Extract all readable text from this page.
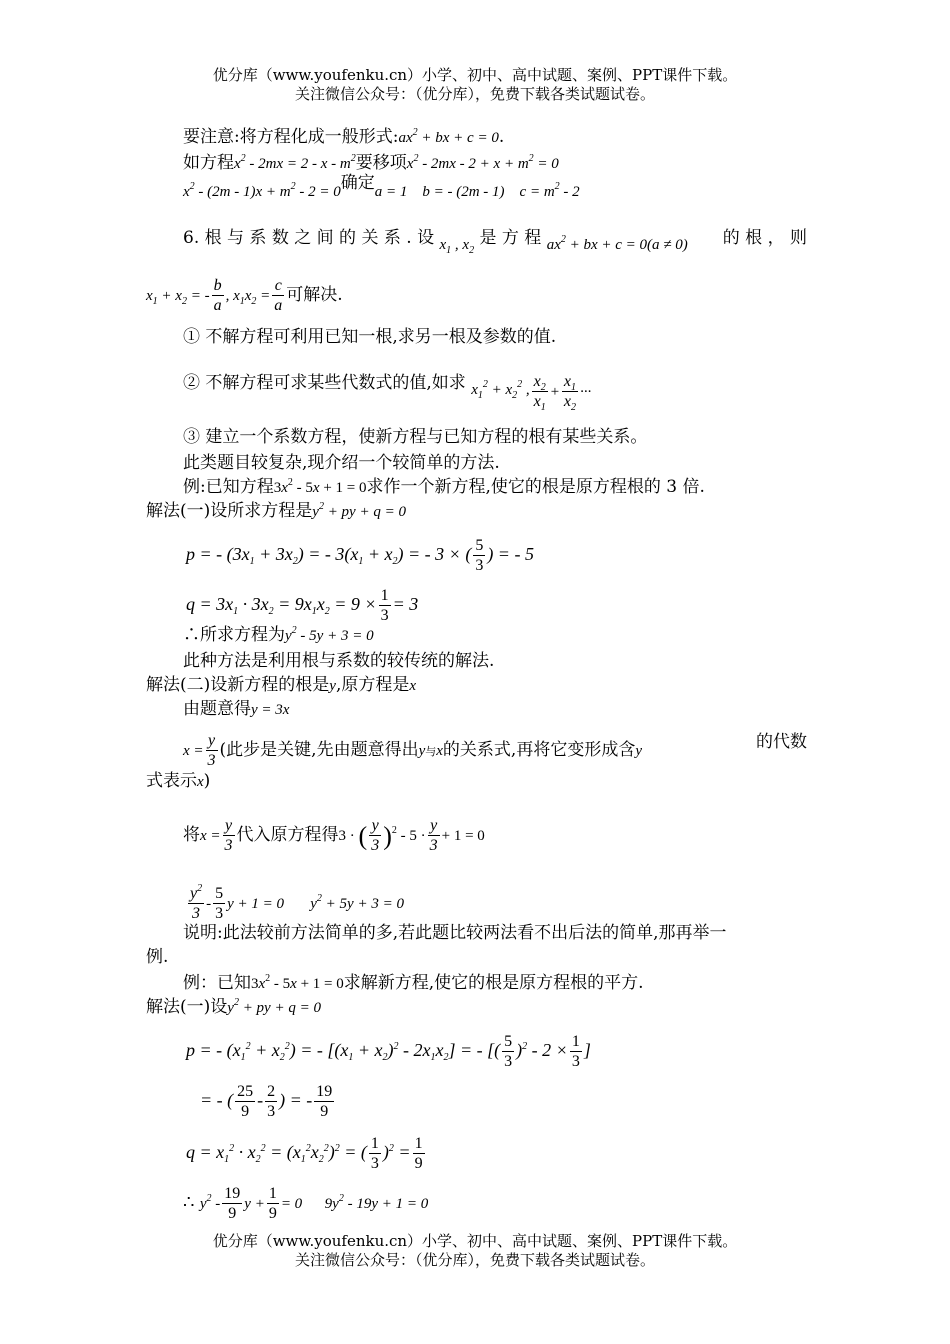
优分库（www.youfenku.cn）小学、初中、高中试题、案例、PPT课件下载。
关注微信公众号：（优分库），免费下载各类试题试卷。
要注意:将方程化成一般形式$:ax^2$ + bx + c = 0.
如方程$x^2 - 2mx = 2 - x - m^2$要移项$x^2 - 2mx - 2 + x + m^2 = 0$
$x^2 - (2m - 1)x + m^2 - 2 = 0$确定a = 1    b = - (2m - 1)    $c = m^2 - 2$
6. 根 与 系 数 之 间 的 关 系 . 设 $x_1$ , $x_2$ 是 方 程 $ax^2$ + bx + c = 0(a ≠ 0) 的 根 ， 则
$x_1 + x_2$ = - $\frac{b}{a}$ , $x_1x_2 = \frac{c}{a}$ 可解决.
① 不解方程可利用已知一根,求另一根及参数的值.
② 不解方程可求某些代数式的值,如求 $x_1^2 + x_2^2$ , $\frac{x_2}{x_1} + \frac{x_1}{x_2}$ ···
③ 建立一个系数方程，使新方程与已知方程的根有某些关系。
此类题目较复杂,现介绍一个较简单的方法.
例:已知方程$3x^2 - 5x + 1 = 0$求作一个新方程,使它的根是原方程根的 3 倍.
解法(一)设所求方程是$y^2$ + py + q = 0
p = - $(3x_1 + 3x_2)$ = - $3(x_1 + x_2)$ = - 3 × ( $\frac{5}{3}$ ) = - 5
$q = 3x_1 \cdot 3x_2 = 9x_1x_2 = 9 \times \frac{1}{3} = 3$
∴所求方程为$y^2 - 5y + 3 = 0$
此种方法是利用根与系数的较传统的解法.
解法(二)设新方程的根是y,原方程是x
由题意得y = 3x
$x = \frac{y}{3}$ (此步是关键,先由题意得出y与x的关系式,再将它变形成含y	的代数
式表示x)
将$x = \frac{y}{3}$ 代入原方程得3 · ( $\frac{y}{3} )^2 - 5 \cdot \frac{y}{3} + 1 = 0$
$\frac{y^2}{3} - \frac{5}{3}$ y + 1 = 0       $y^2 + 5y + 3 = 0$
说明:此法较前方法简单的多,若此题比较两法看不出后法的简单,那再举一
例.
例：已知$3x^2 - 5x + 1 = 0$求解新方程,使它的根是原方程根的平方.
解法(一)设$y^2$ + py + q = 0
p = - $(x_1^2 + x_2^2)$ = - $[(x_1 + x_2)^2 - 2x_1x_2]$ = - [( $\frac{5}{3} )^2 - 2 \times \frac{1}{3}$ ]
= - ( $\frac{25}{9} - \frac{2}{3}$ ) = - $\frac{19}{9}$
$q = x_1^2 \cdot x_2^2 = (x_1^2x_2^2)^2$ = ( $\frac{1}{3} )^2 = \frac{1}{9}$
∴ $y^2 - \frac{19}{9}$ $y + \frac{1}{9} = 0$      $9y^2 - 19y + 1 = 0$
优分库（www.youfenku.cn）小学、初中、高中试题、案例、PPT课件下载。
关注微信公众号：（优分库），免费下载各类试题试卷。
